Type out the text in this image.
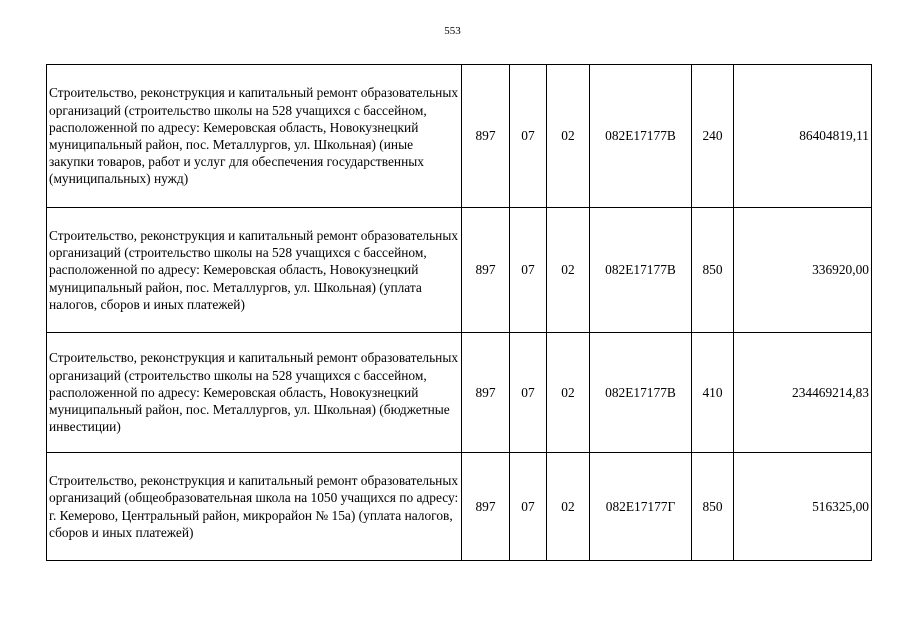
553
Строительство, реконструкция и капитальный ремонт образовательных организаций (строительство школы на 528 учащихся с бассейном, расположенной по адресу: Кемеровская область, Новокузнецкий муниципальный район, пос. Металлургов, ул. Школьная) (иные закупки товаров, работ и услуг для обеспечения государственных (муниципальных) нужд)	897	07	02	082E17177В	240	86404819,11
Строительство, реконструкция и капитальный ремонт образовательных организаций (строительство школы на 528 учащихся с бассейном, расположенной по адресу: Кемеровская область, Новокузнецкий муниципальный район, пос. Металлургов, ул. Школьная) (уплата налогов, сборов и иных платежей)	897	07	02	082E17177В	850	336920,00
Строительство, реконструкция и капитальный ремонт образовательных организаций (строительство школы на 528 учащихся с бассейном, расположенной по адресу: Кемеровская область, Новокузнецкий муниципальный район, пос. Металлургов, ул. Школьная) (бюджетные инвестиции)	897	07	02	082E17177В	410	234469214,83
Строительство, реконструкция и капитальный ремонт образовательных организаций (общеобразовательная школа на 1050 учащихся по адресу: г. Кемерово, Центральный район, микрорайон № 15а) (уплата налогов, сборов и иных платежей)	897	07	02	082E17177Г	850	516325,00
